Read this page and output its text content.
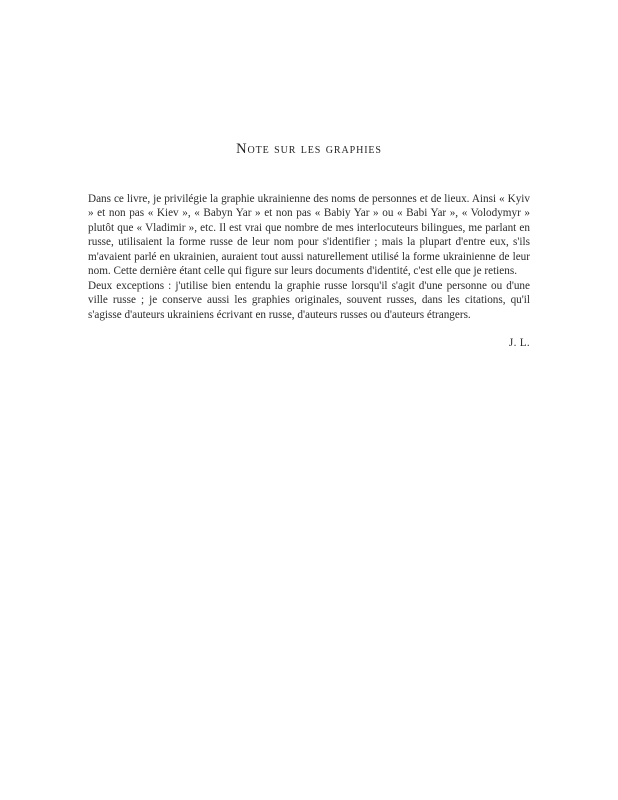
Note sur les graphies

Dans ce livre, je privilégie la graphie ukrainienne des noms de personnes et de lieux. Ainsi « Kyiv » et non pas « Kiev », « Babyn Yar » et non pas « Babiy Yar » ou « Babi Yar », « Volodymyr » plutôt que « Vladimir », etc. Il est vrai que nombre de mes interlocuteurs bilingues, me parlant en russe, utilisaient la forme russe de leur nom pour s'identifier ; mais la plupart d'entre eux, s'ils m'avaient parlé en ukrainien, auraient tout aussi naturellement utilisé la forme ukrainienne de leur nom. Cette dernière étant celle qui figure sur leurs documents d'identité, c'est elle que je retiens.

Deux exceptions : j'utilise bien entendu la graphie russe lorsqu'il s'agit d'une personne ou d'une ville russe ; je conserve aussi les graphies originales, souvent russes, dans les citations, qu'il s'agisse d'auteurs ukrainiens écrivant en russe, d'auteurs russes ou d'auteurs étrangers.

J. L.
